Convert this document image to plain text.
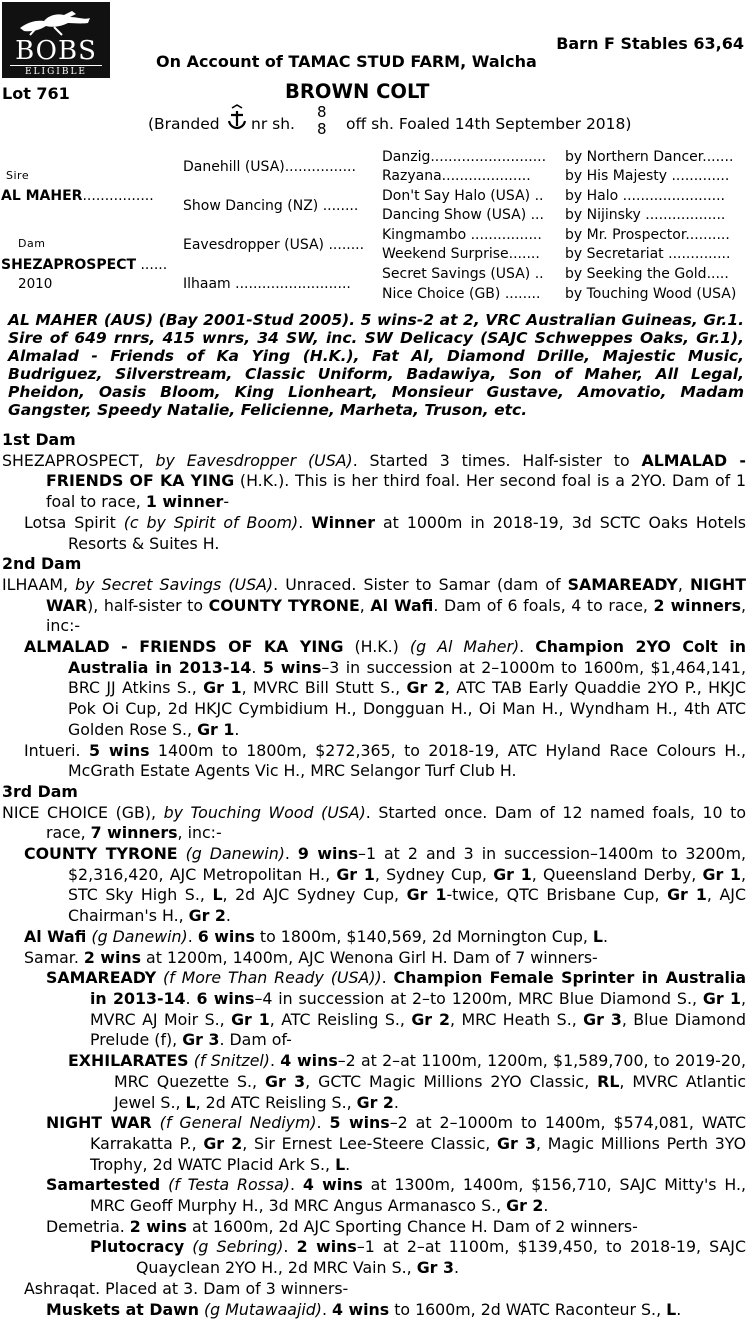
BOBS
ELIGIBLE
Barn F Stables 63,64
On Account of TAMAC STUD FARM, Walcha
Lot 761	BROWN COLT
(Branded nr sh.
8
8 off sh. Foaled 14th September 2018)
Sire
AL MAHER................
Dam
SHEZAPROSPECT ......
2010
Danehill (USA)................
Show Dancing (NZ) ........
Eavesdropper (USA) ........
Ilhaam ..........................
Danzig..........................
Razyana....................
Don't Say Halo (USA) ..
Dancing Show (USA) ...
Kingmambo ................
Weekend Surprise.......
Secret Savings (USA) ..
Nice Choice (GB) ........
by Northern Dancer.......
by His Majesty .............
by Halo .......................
by Nijinsky ..................
by Mr. Prospector..........
by Secretariat ..............
by Seeking the Gold.....
by Touching Wood (USA)
AL MAHER (AUS) (Bay 2001-Stud 2005). 5 wins-2 at 2, VRC Australian Guineas, Gr.1. Sire of 649 rnrs, 415 wnrs, 34 SW, inc. SW Delicacy (SAJC Schweppes Oaks, Gr.1), Almalad - Friends of Ka Ying (H.K.), Fat Al, Diamond Drille, Majestic Music, Budriguez, Silverstream, Classic Uniform, Badawiya, Son of Maher, All Legal, Pheidon, Oasis Bloom, King Lionheart, Monsieur Gustave, Amovatio, Madam Gangster, Speedy Natalie, Felicienne, Marheta, Truson, etc.
1st Dam

SHEZAPROSPECT, by Eavesdropper (USA). Started 3 times. Half-sister to ALMALAD - FRIENDS OF KA YING (H.K.). This is her third foal. Her second foal is a 2YO. Dam of 1 foal to race, 1 winner-

Lotsa Spirit (c by Spirit of Boom). Winner at 1000m in 2018-19, 3d SCTC Oaks Hotels Resorts & Suites H.

2nd Dam

ILHAAM, by Secret Savings (USA). Unraced. Sister to Samar (dam of SAMAREADY, NIGHT WAR), half-sister to COUNTY TYRONE, Al Wafi. Dam of 6 foals, 4 to race, 2 winners, inc:-

ALMALAD - FRIENDS OF KA YING (H.K.) (g Al Maher). Champion 2YO Colt in Australia in 2013-14. 5 wins–3 in succession at 2–1000m to 1600m, $1,464,141, BRC JJ Atkins S., Gr 1, MVRC Bill Stutt S., Gr 2, ATC TAB Early Quaddie 2YO P., HKJC Pok Oi Cup, 2d HKJC Cymbidium H., Dongguan H., Oi Man H., Wyndham H., 4th ATC Golden Rose S., Gr 1.

Intueri. 5 wins 1400m to 1800m, $272,365, to 2018-19, ATC Hyland Race Colours H., McGrath Estate Agents Vic H., MRC Selangor Turf Club H.

3rd Dam

NICE CHOICE (GB), by Touching Wood (USA). Started once. Dam of 12 named foals, 10 to race, 7 winners, inc:-

COUNTY TYRONE (g Danewin). 9 wins–1 at 2 and 3 in succession–1400m to 3200m, $2,316,420, AJC Metropolitan H., Gr 1, Sydney Cup, Gr 1, Queensland Derby, Gr 1, STC Sky High S., L, 2d AJC Sydney Cup, Gr 1-twice, QTC Brisbane Cup, Gr 1, AJC Chairman's H., Gr 2.

Al Wafi (g Danewin). 6 wins to 1800m, $140,569, 2d Mornington Cup, L.

Samar. 2 wins at 1200m, 1400m, AJC Wenona Girl H. Dam of 7 winners-

SAMAREADY (f More Than Ready (USA)). Champion Female Sprinter in Australia in 2013-14. 6 wins–4 in succession at 2–to 1200m, MRC Blue Diamond S., Gr 1, MVRC AJ Moir S., Gr 1, ATC Reisling S., Gr 2, MRC Heath S., Gr 3, Blue Diamond Prelude (f), Gr 3. Dam of-

EXHILARATES (f Snitzel). 4 wins–2 at 2–at 1100m, 1200m, $1,589,700, to 2019-20, MRC Quezette S., Gr 3, GCTC Magic Millions 2YO Classic, RL, MVRC Atlantic Jewel S., L, 2d ATC Reisling S., Gr 2.

NIGHT WAR (f General Nediym). 5 wins–2 at 2–1000m to 1400m, $574,081, WATC Karrakatta P., Gr 2, Sir Ernest Lee-Steere Classic, Gr 3, Magic Millions Perth 3YO Trophy, 2d WATC Placid Ark S., L.

Samartested (f Testa Rossa). 4 wins at 1300m, 1400m, $156,710, SAJC Mitty's H., MRC Geoff Murphy H., 3d MRC Angus Armanasco S., Gr 2.

Demetria. 2 wins at 1600m, 2d AJC Sporting Chance H. Dam of 2 winners-

Plutocracy (g Sebring). 2 wins–1 at 2–at 1100m, $139,450, to 2018-19, SAJC Quayclean 2YO H., 2d MRC Vain S., Gr 3.

Ashraqat. Placed at 3. Dam of 3 winners-

Muskets at Dawn (g Mutawaajid). 4 wins to 1600m, 2d WATC Raconteur S., L.
